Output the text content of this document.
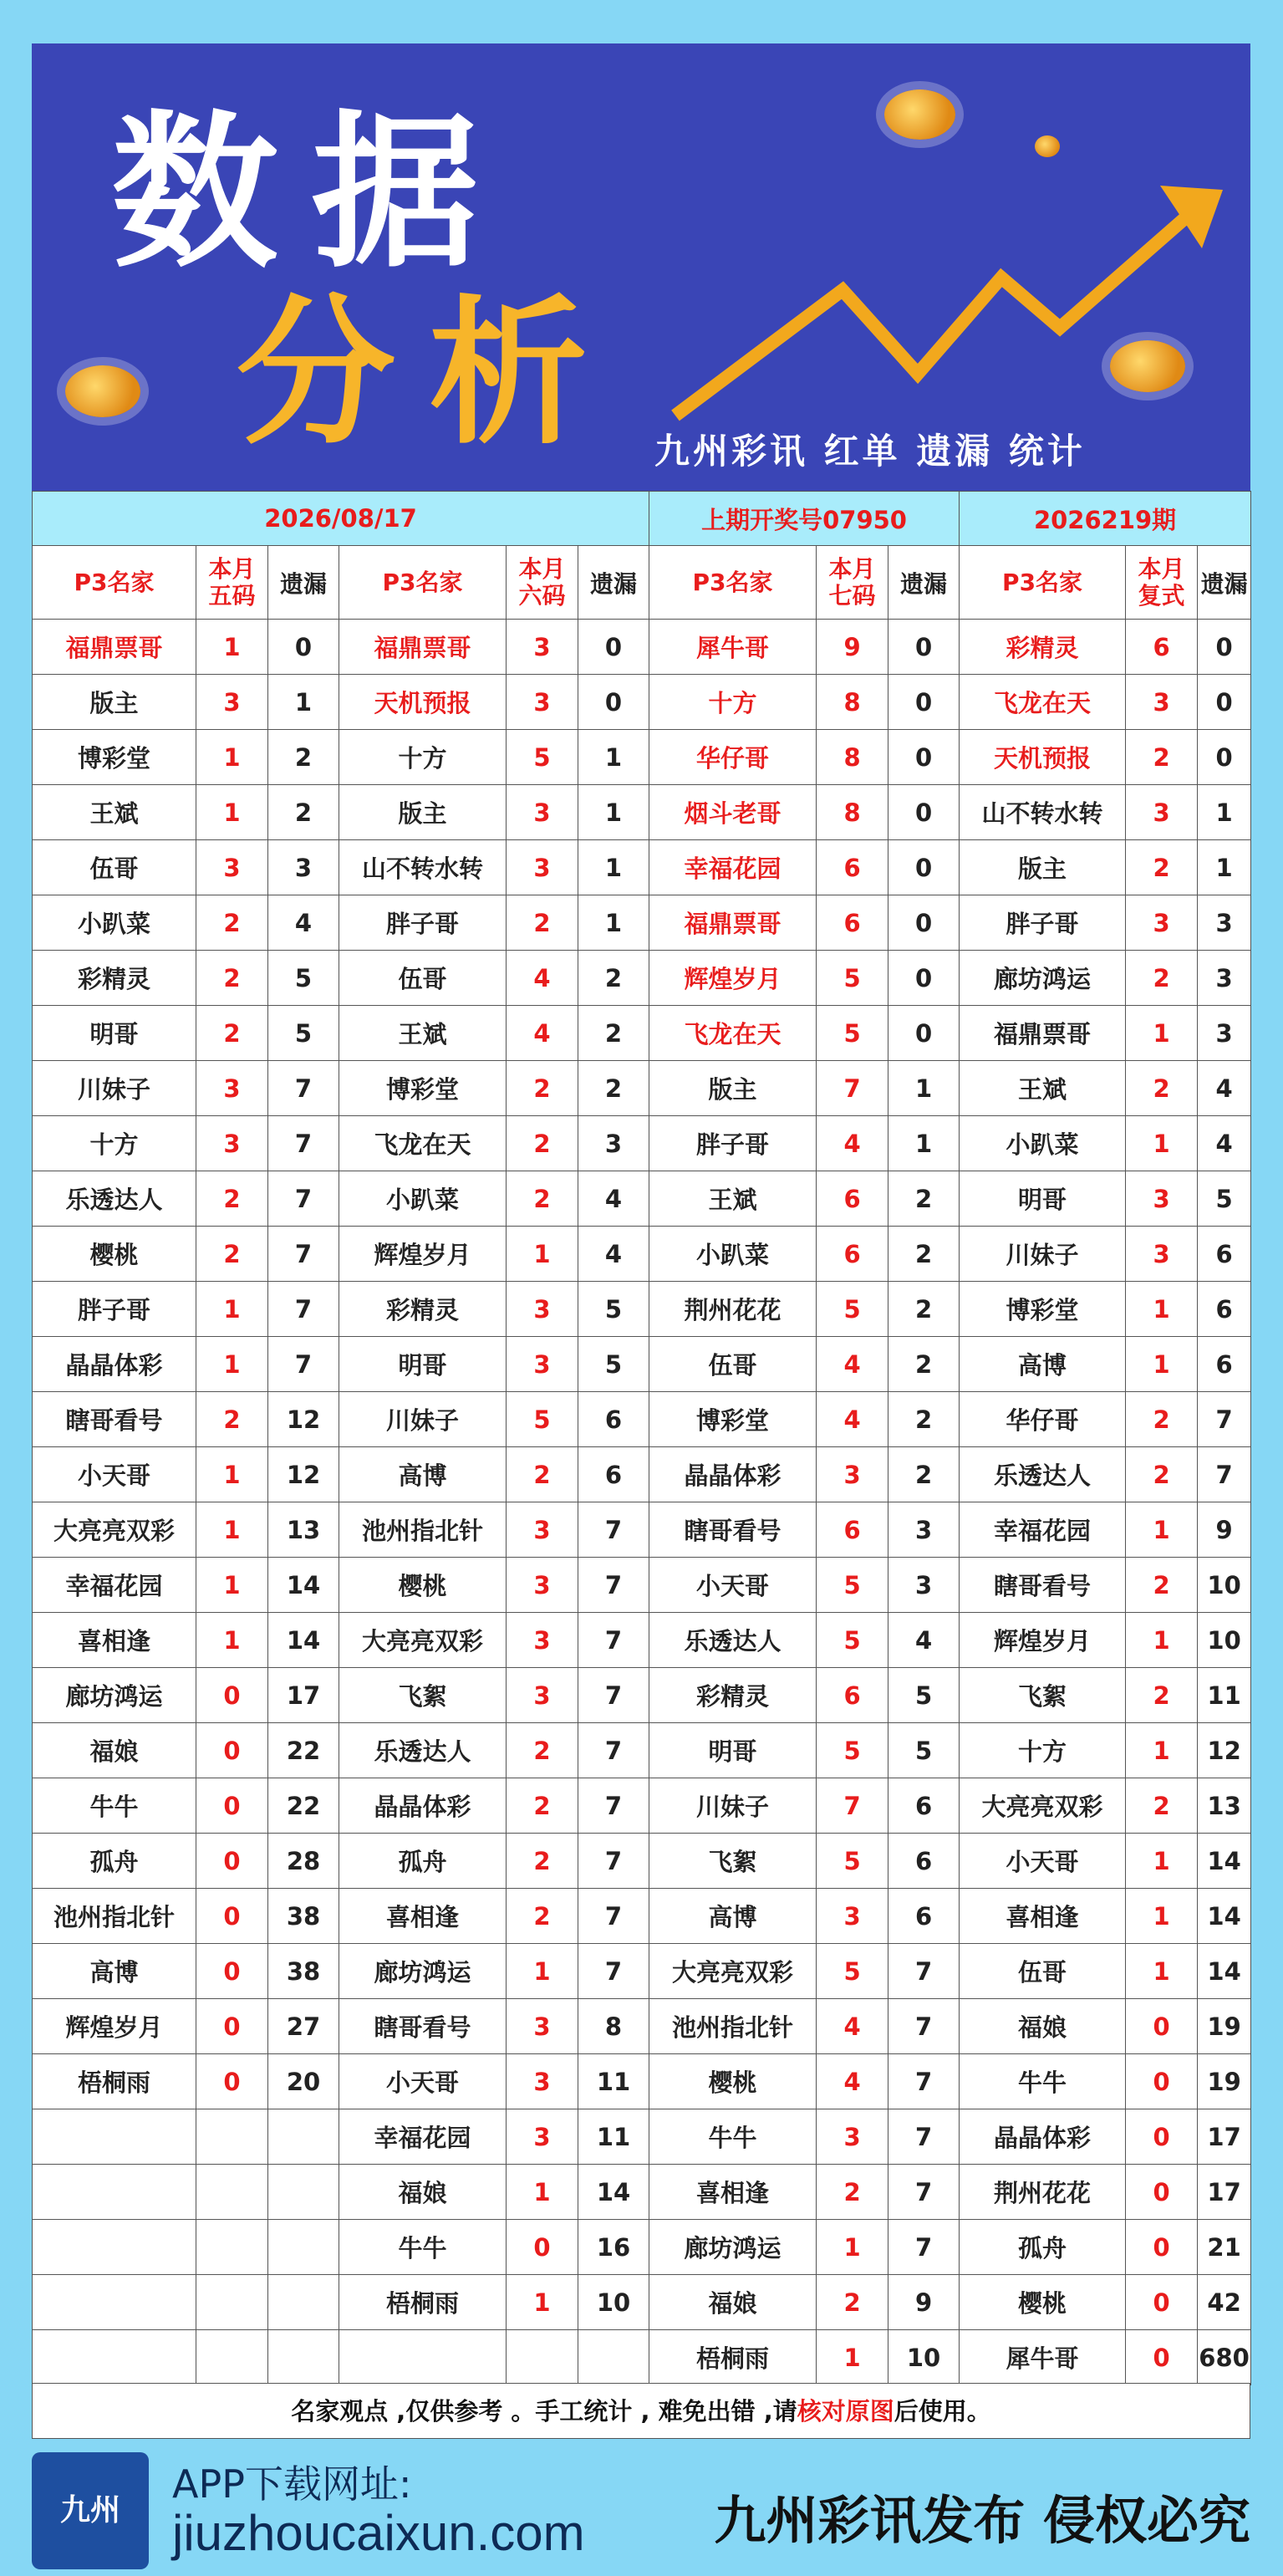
数据
分析 九州彩讯 红单 遗漏 统计
2026/08/17						上期开奖号07950			2026219期		
P3名家	本月五码	遗漏	P3名家	本月六码	遗漏	P3名家	本月七码	遗漏	P3名家	本月复式	遗漏
福鼎票哥	1	0	福鼎票哥	3	0	犀牛哥	9	0	彩精灵	6	0
版主	3	1	天机预报	3	0	十方	8	0	飞龙在天	3	0
博彩堂	1	2	十方	5	1	华仔哥	8	0	天机预报	2	0
王斌	1	2	版主	3	1	烟斗老哥	8	0	山不转水转	3	1
伍哥	3	3	山不转水转	3	1	幸福花园	6	0	版主	2	1
小趴菜	2	4	胖子哥	2	1	福鼎票哥	6	0	胖子哥	3	3
彩精灵	2	5	伍哥	4	2	辉煌岁月	5	0	廊坊鸿运	2	3
明哥	2	5	王斌	4	2	飞龙在天	5	0	福鼎票哥	1	3
川妹子	3	7	博彩堂	2	2	版主	7	1	王斌	2	4
十方	3	7	飞龙在天	2	3	胖子哥	4	1	小趴菜	1	4
乐透达人	2	7	小趴菜	2	4	王斌	6	2	明哥	3	5
樱桃	2	7	辉煌岁月	1	4	小趴菜	6	2	川妹子	3	6
胖子哥	1	7	彩精灵	3	5	荆州花花	5	2	博彩堂	1	6
晶晶体彩	1	7	明哥	3	5	伍哥	4	2	高博	1	6
瞎哥看号	2	12	川妹子	5	6	博彩堂	4	2	华仔哥	2	7
小天哥	1	12	高博	2	6	晶晶体彩	3	2	乐透达人	2	7
大亮亮双彩	1	13	池州指北针	3	7	瞎哥看号	6	3	幸福花园	1	9
幸福花园	1	14	樱桃	3	7	小天哥	5	3	瞎哥看号	2	10
喜相逢	1	14	大亮亮双彩	3	7	乐透达人	5	4	辉煌岁月	1	10
廊坊鸿运	0	17	飞絮	3	7	彩精灵	6	5	飞絮	2	11
福娘	0	22	乐透达人	2	7	明哥	5	5	十方	1	12
牛牛	0	22	晶晶体彩	2	7	川妹子	7	6	大亮亮双彩	2	13
孤舟	0	28	孤舟	2	7	飞絮	5	6	小天哥	1	14
池州指北针	0	38	喜相逢	2	7	高博	3	6	喜相逢	1	14
高博	0	38	廊坊鸿运	1	7	大亮亮双彩	5	7	伍哥	1	14
辉煌岁月	0	27	瞎哥看号	3	8	池州指北针	4	7	福娘	0	19
梧桐雨	0	20	小天哥	3	11	樱桃	4	7	牛牛	0	19
			幸福花园	3	11	牛牛	3	7	晶晶体彩	0	17
			福娘	1	14	喜相逢	2	7	荆州花花	0	17
			牛牛	0	16	廊坊鸿运	1	7	孤舟	0	21
			梧桐雨	1	10	福娘	2	9	樱桃	0	42
						梧桐雨	1	10	犀牛哥	0	680
名家观点 ,仅供参考 。手工统计 , 难免出错 ,请核对原图后使用。
九州
APP下载网址:
jiuzhoucaixun.com 九州彩讯发布 侵权必究
